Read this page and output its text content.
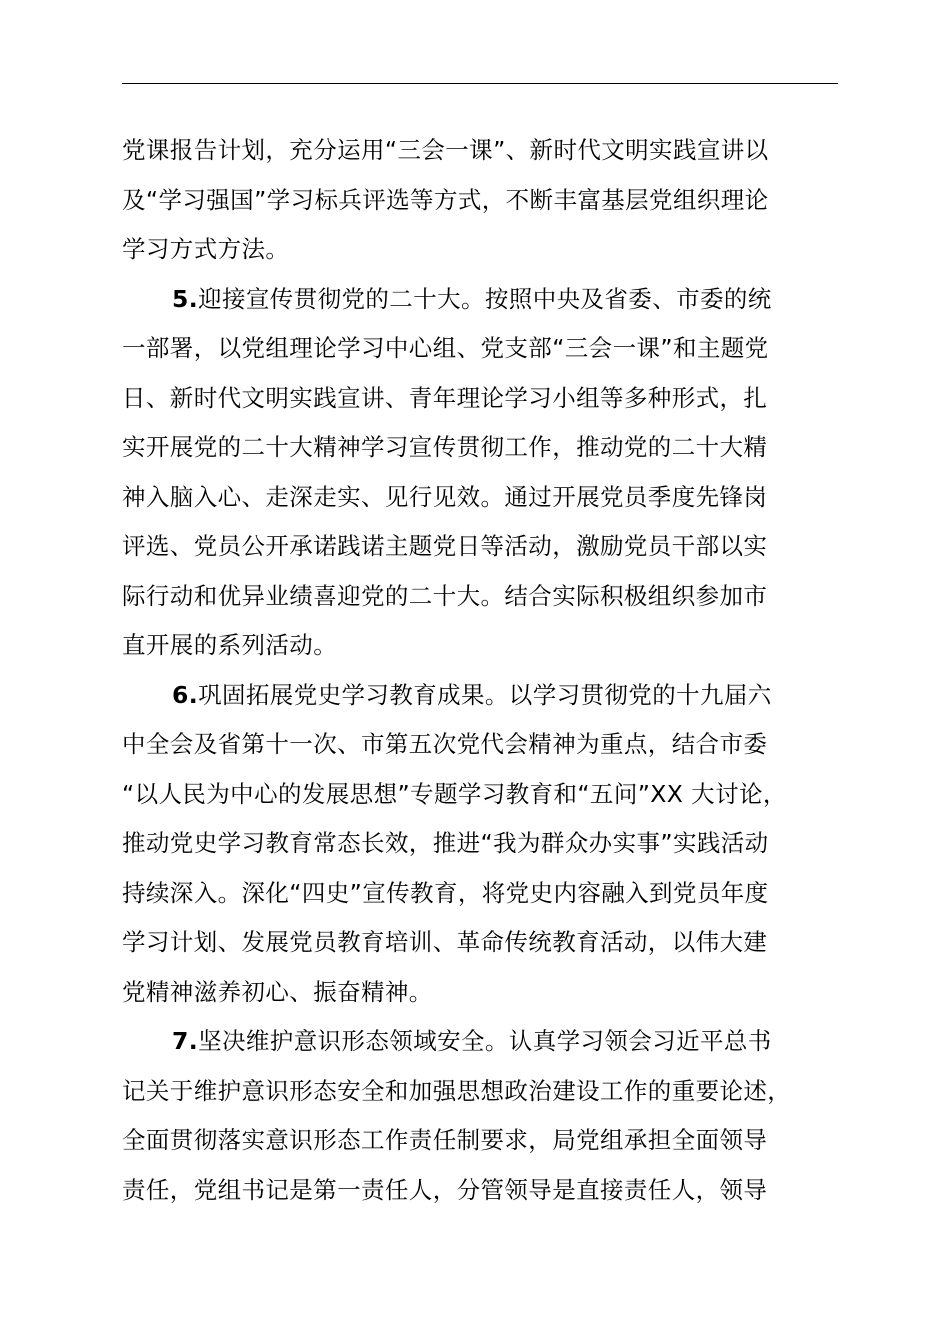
党课报告计划，充分运用“三会一课”、新时代文明实践宣讲以
及“学习强国”学习标兵评选等方式，不断丰富基层党组织理论
学习方式方法。

5.迎接宣传贯彻党的二十大。按照中央及省委、市委的统
一部署，以党组理论学习中心组、党支部“三会一课”和主题党
日、新时代文明实践宣讲、青年理论学习小组等多种形式，扎
实开展党的二十大精神学习宣传贯彻工作，推动党的二十大精
神入脑入心、走深走实、见行见效。通过开展党员季度先锋岗
评选、党员公开承诺践诺主题党日等活动，激励党员干部以实
际行动和优异业绩喜迎党的二十大。结合实际积极组织参加市
直开展的系列活动。

6.巩固拓展党史学习教育成果。以学习贯彻党的十九届六
中全会及省第十一次、市第五次党代会精神为重点，结合市委
“以人民为中心的发展思想”专题学习教育和“五问”XX 大讨论，
推动党史学习教育常态长效，推进“我为群众办实事”实践活动
持续深入。深化“四史”宣传教育，将党史内容融入到党员年度
学习计划、发展党员教育培训、革命传统教育活动，以伟大建
党精神滋养初心、振奋精神。

7.坚决维护意识形态领域安全。认真学习领会习近平总书
记关于维护意识形态安全和加强思想政治建设工作的重要论述，
全面贯彻落实意识形态工作责任制要求，局党组承担全面领导
责任，党组书记是第一责任人，分管领导是直接责任人，领导
